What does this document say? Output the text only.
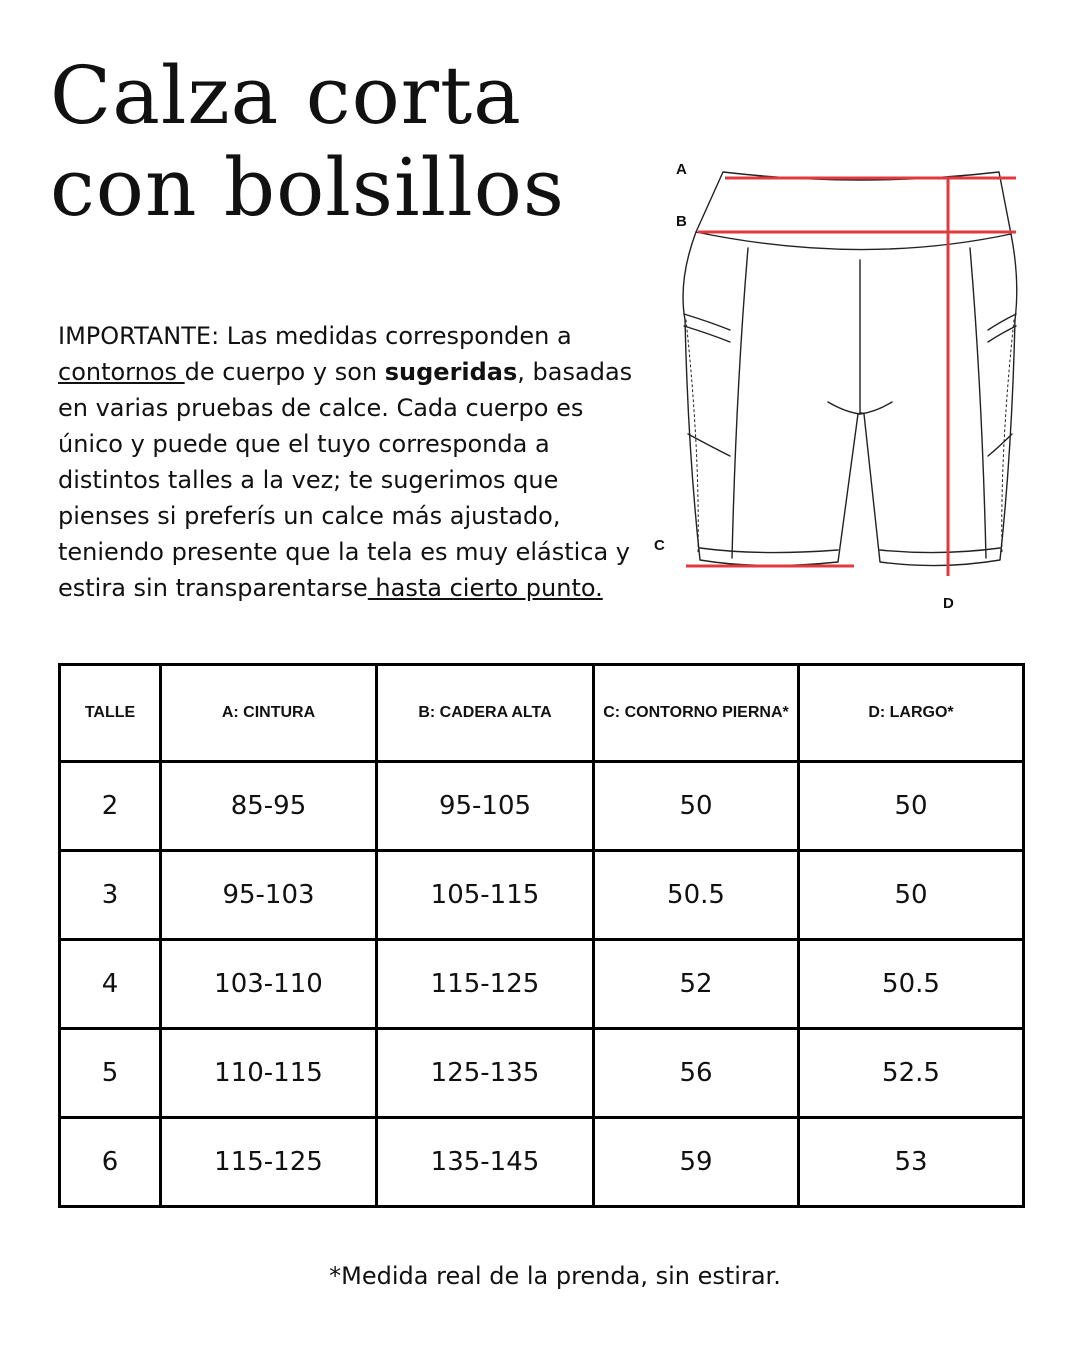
Calza corta
con bolsillos

IMPORTANTE: Las medidas corresponden a contornos de cuerpo y son sugeridas, basadas en varias pruebas de calce. Cada cuerpo es único y puede que el tuyo corresponda a distintos talles a la vez; te sugerimos que pienses si preferís un calce más ajustado, teniendo presente que la tela es muy elástica y estira sin transparentarse hasta cierto punto.

A
B
C
D
TALLE	A: CINTURA	B: CADERA ALTA	C: CONTORNO PIERNA*	D: LARGO*
2	85-95	95-105	50	50
3	95-103	105-115	50.5	50
4	103-110	115-125	52	50.5
5	110-115	125-135	56	52.5
6	115-125	135-145	59	53

*Medida real de la prenda, sin estirar.
